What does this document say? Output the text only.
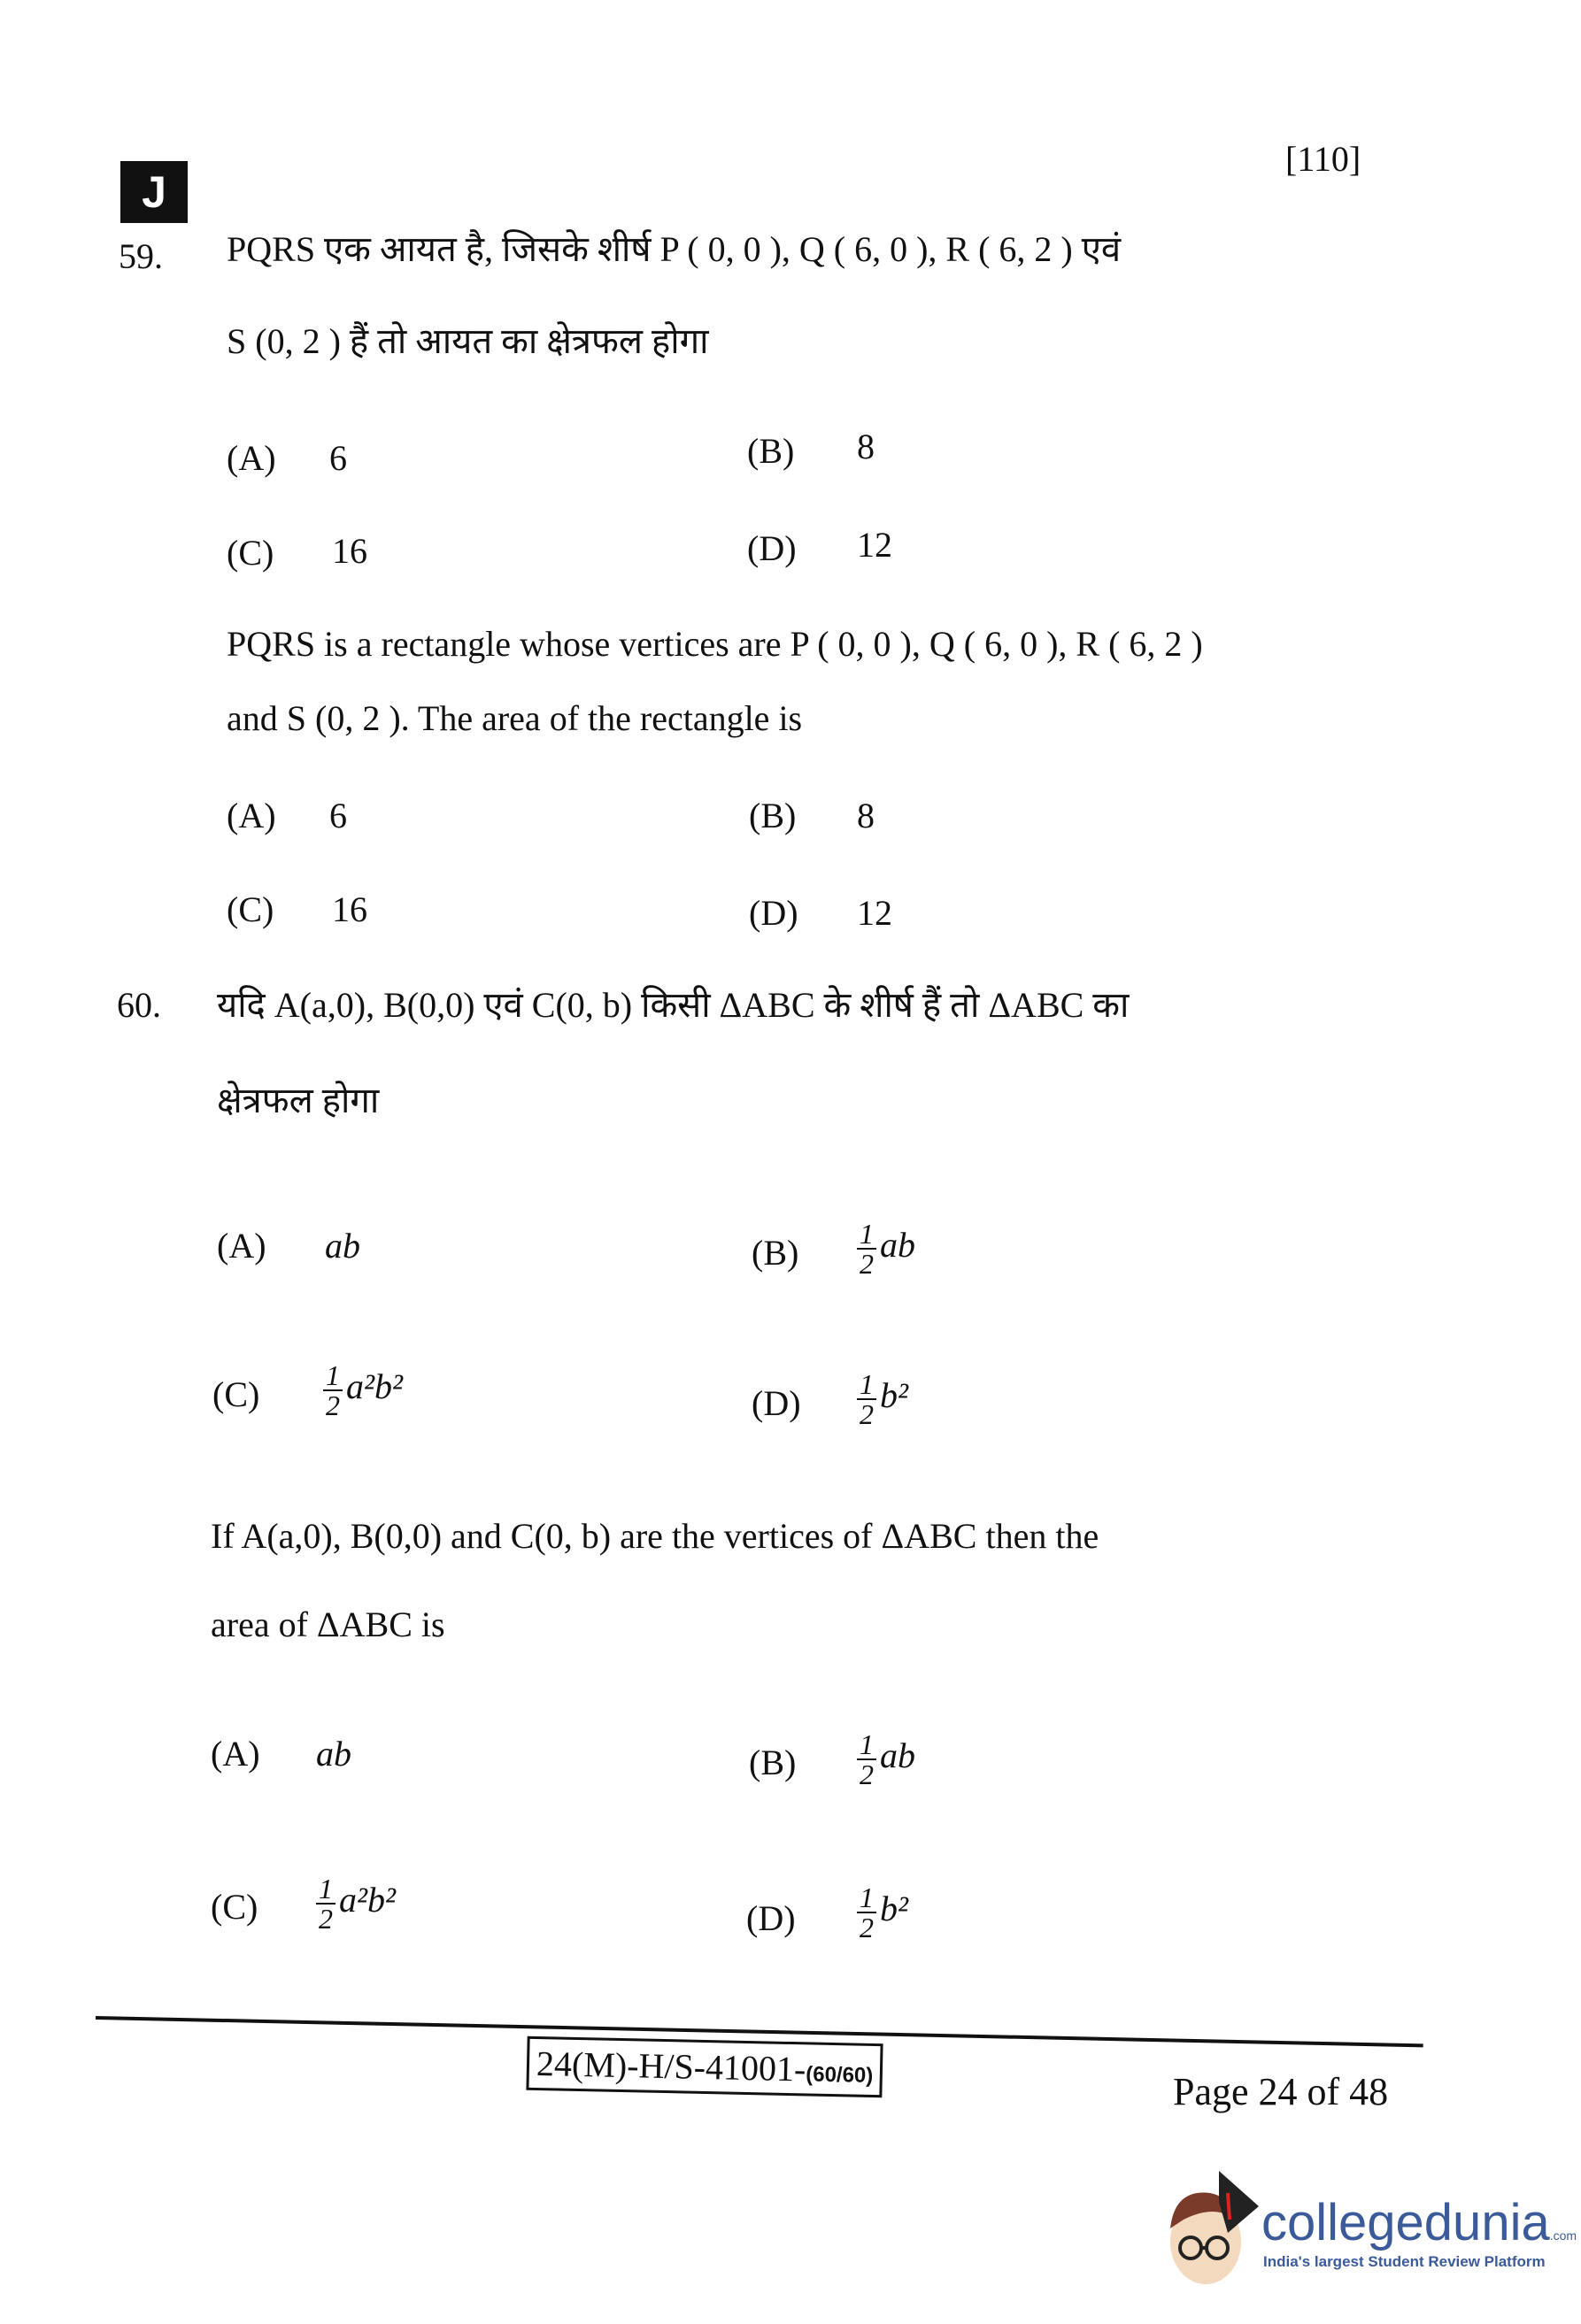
J
[110]
59. PQRS एक आयत है, जिसके शीर्ष P ( 0, 0 ), Q ( 6, 0 ), R ( 6, 2 ) एवं
S (0, 2 ) हैं तो आयत का क्षेत्रफल होगा
(A) 6	(B) 8
(C) 16	(D) 12
PQRS is a rectangle whose vertices are P ( 0, 0 ), Q ( 6, 0 ), R ( 6, 2 )
and S (0, 2 ). The area of the rectangle is
(A) 6	(B) 8
(C) 16	(D) 12
60. यदि A(a,0), B(0,0) एवं C(0, b) किसी ΔABC के शीर्ष हैं तो ΔABC का
क्षेत्रफल होगा
(A) ab	$(B) \frac{1}{2}$ ab
$(C) \frac{1}{2} a^2b^2$	$(D) \frac{1}{2} b^2$
If A(a,0), B(0,0) and C(0, b) are the vertices of ΔABC then the
area of ΔABC is
(A) ab	$(B) \frac{1}{2}$ ab
$(C) \frac{1}{2} a^2b^2$	$(D) \frac{1}{2} b^2$
24(M)-H/S-41001-(60/60)	Page 24 of 48
collegedunia.com
India's largest Student Review Platform
